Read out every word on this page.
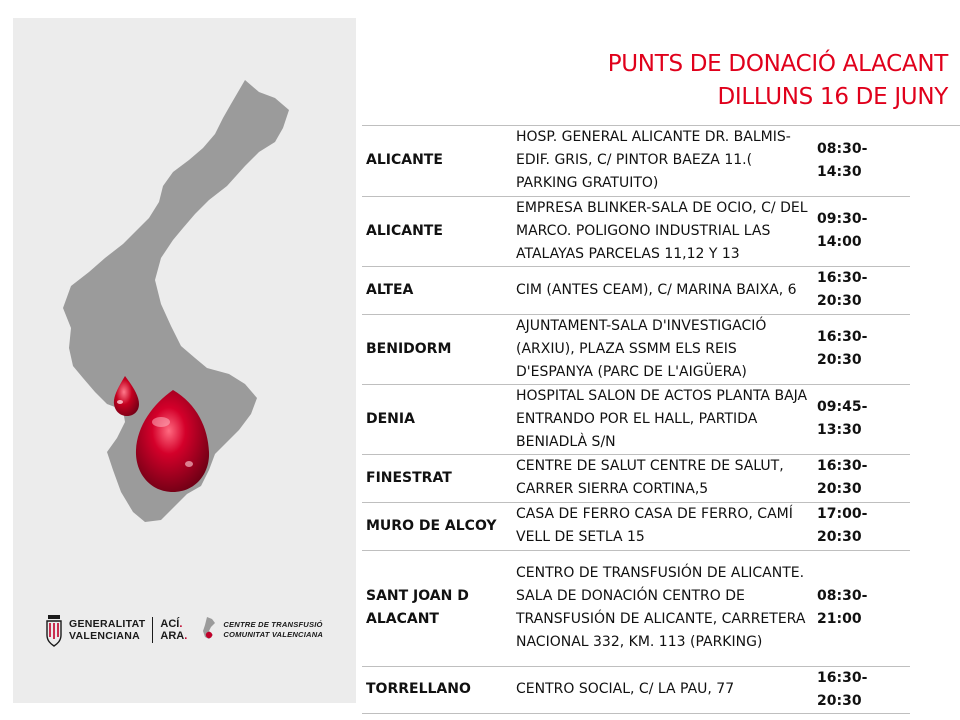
GENERALITAT
VALENCIANA
ACÍ.
ARA.
CENTRE DE TRANSFUSIÓ
COMUNITAT VALENCIANA
PUNTS DE DONACIÓ ALACANT
DILLUNS 16 DE JUNY
ALICANTE	HOSP. GENERAL ALICANTE DR. BALMIS-EDIF. GRIS, C/ PINTOR BAEZA 11.( PARKING GRATUITO)	08:30-14:30
ALICANTE	EMPRESA BLINKER-SALA DE OCIO, C/ DEL MARCO. POLIGONO INDUSTRIAL LAS ATALAYAS PARCELAS 11,12 Y 13	09:30-14:00
ALTEA	CIM (ANTES CEAM), C/ MARINA BAIXA, 6	16:30-20:30
BENIDORM	AJUNTAMENT-SALA D'INVESTIGACIÓ (ARXIU), PLAZA SSMM ELS REIS D'ESPANYA (PARC DE L'AIGÜERA)	16:30-20:30
DENIA	HOSPITAL SALON DE ACTOS PLANTA BAJA ENTRANDO POR EL HALL, PARTIDA BENIADLÀ S/N	09:45-13:30
FINESTRAT	CENTRE DE SALUT CENTRE DE SALUT, CARRER SIERRA CORTINA,5	16:30-20:30
MURO DE ALCOY	CASA DE FERRO CASA DE FERRO, CAMÍ VELL DE SETLA 15	17:00-20:30
SANT JOAN D ALACANT	CENTRO DE TRANSFUSIÓN DE ALICANTE. SALA DE DONACIÓN CENTRO DE TRANSFUSIÓN DE ALICANTE, CARRETERA NACIONAL 332, KM. 113 (PARKING)	08:30-21:00
TORRELLANO	CENTRO SOCIAL, C/ LA PAU, 77	16:30-20:30
